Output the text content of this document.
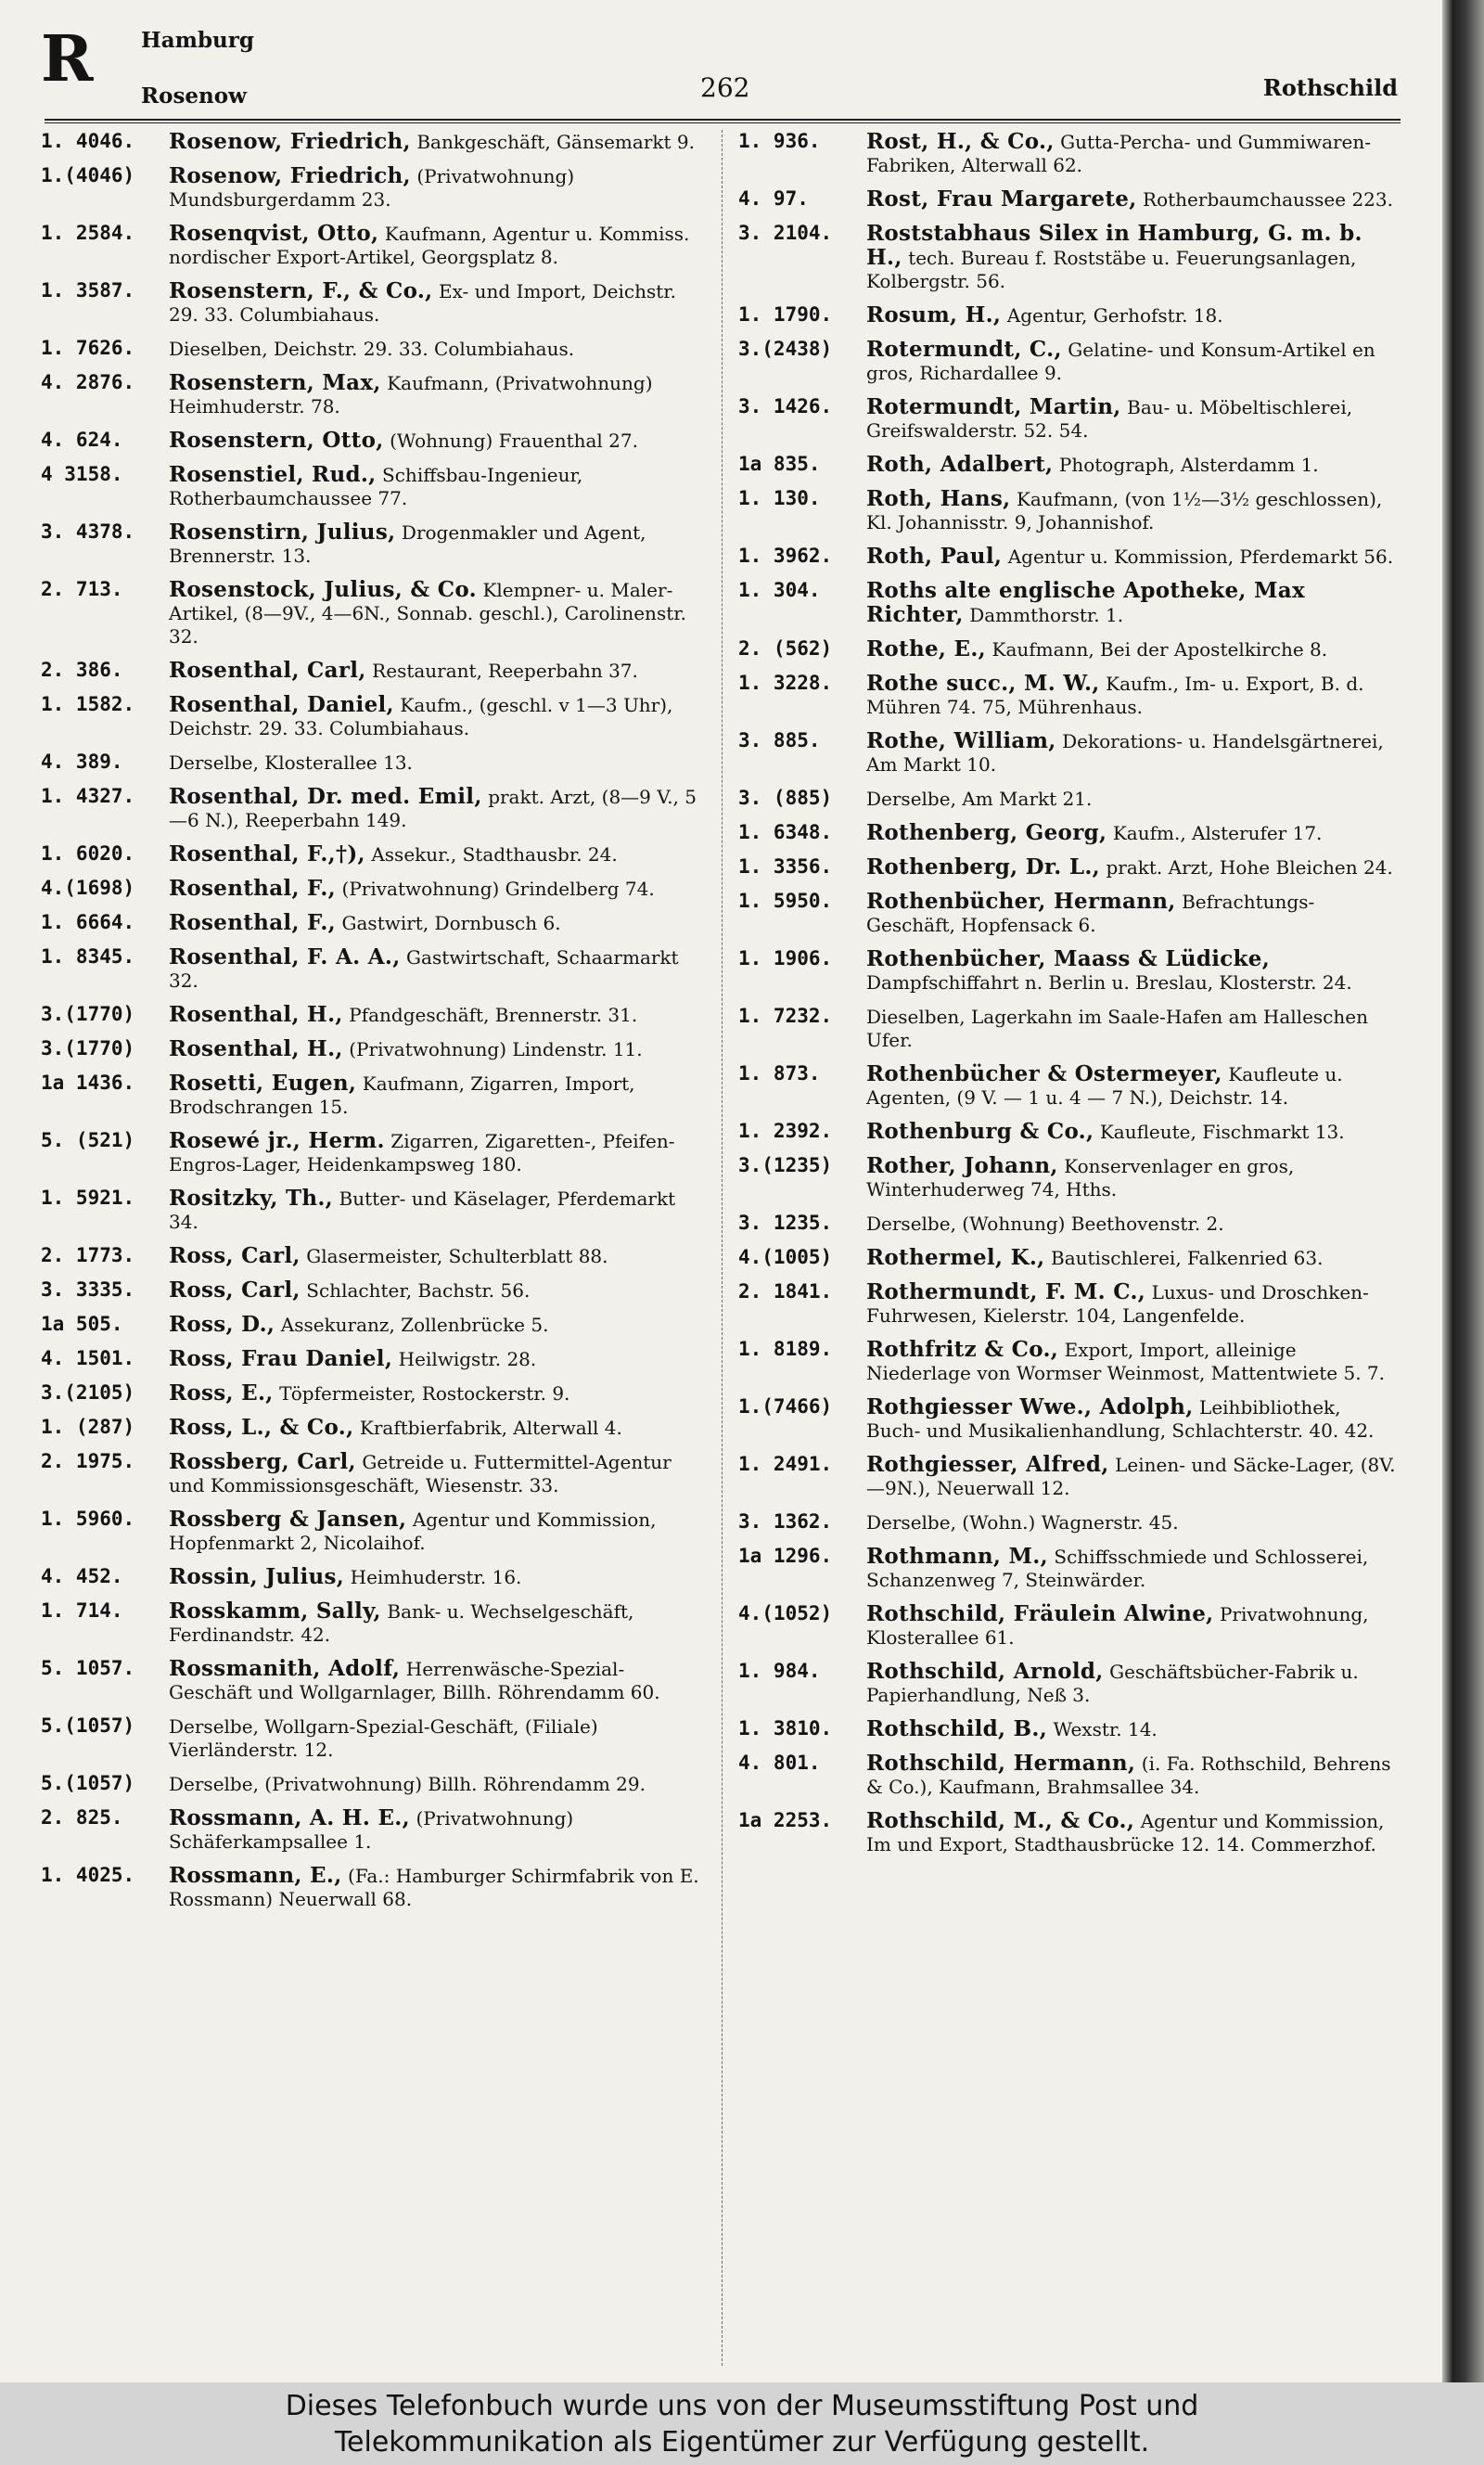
R Hamburg
Rosenow	262	Rothschild
1. 4046.	Rosenow, Friedrich, Bankgeschäft, Gänsemarkt 9.
1.(4046)	Rosenow, Friedrich, (Privatwohnung) Mundsburgerdamm 23.
1. 2584.	Rosenqvist, Otto, Kaufmann, Agentur u. Kommiss. nordischer Export-Artikel, Georgsplatz 8.
1. 3587.	Rosenstern, F., & Co., Ex- und Import, Deichstr. 29. 33. Columbiahaus.
1. 7626.	Dieselben, Deichstr. 29. 33. Columbiahaus.
4. 2876.	Rosenstern, Max, Kaufmann, (Privatwohnung) Heimhuderstr. 78.
4. 624.	Rosenstern, Otto, (Wohnung) Frauenthal 27.
4 3158.	Rosenstiel, Rud., Schiffsbau-Ingenieur, Rotherbaumchaussee 77.
3. 4378.	Rosenstirn, Julius, Drogenmakler und Agent, Brennerstr. 13.
2. 713.	Rosenstock, Julius, & Co. Klempner- u. Maler-Artikel, (8—9V., 4—6N., Sonnab. geschl.), Carolinenstr. 32.
2. 386.	Rosenthal, Carl, Restaurant, Reeperbahn 37.
1. 1582.	Rosenthal, Daniel, Kaufm., (geschl. v 1—3 Uhr), Deichstr. 29. 33. Columbiahaus.
4. 389.	Derselbe, Klosterallee 13.
1. 4327.	Rosenthal, Dr. med. Emil, prakt. Arzt, (8—9 V., 5—6 N.), Reeperbahn 149.
1. 6020.	Rosenthal, F.,†), Assekur., Stadthausbr. 24.
4.(1698)	Rosenthal, F., (Privatwohnung) Grindelberg 74.
1. 6664.	Rosenthal, F., Gastwirt, Dornbusch 6.
1. 8345.	Rosenthal, F. A. A., Gastwirtschaft, Schaarmarkt 32.
3.(1770)	Rosenthal, H., Pfandgeschäft, Brennerstr. 31.
3.(1770)	Rosenthal, H., (Privatwohnung) Lindenstr. 11.
1a 1436.	Rosetti, Eugen, Kaufmann, Zigarren, Import, Brodschrangen 15.
5. (521)	Rosewé jr., Herm. Zigarren, Zigaretten-, Pfeifen-Engros-Lager, Heidenkampsweg 180.
1. 5921.	Rositzky, Th., Butter- und Käselager, Pferdemarkt 34.
2. 1773.	Ross, Carl, Glasermeister, Schulterblatt 88.
3. 3335.	Ross, Carl, Schlachter, Bachstr. 56.
1a 505.	Ross, D., Assekuranz, Zollenbrücke 5.
4. 1501.	Ross, Frau Daniel, Heilwigstr. 28.
3.(2105)	Ross, E., Töpfermeister, Rostockerstr. 9.
1. (287)	Ross, L., & Co., Kraftbierfabrik, Alterwall 4.
2. 1975.	Rossberg, Carl, Getreide u. Futtermittel-Agentur und Kommissionsgeschäft, Wiesenstr. 33.
1. 5960.	Rossberg & Jansen, Agentur und Kommission, Hopfenmarkt 2, Nicolaihof.
4. 452.	Rossin, Julius, Heimhuderstr. 16.
1. 714.	Rosskamm, Sally, Bank- u. Wechselgeschäft, Ferdinandstr. 42.
5. 1057.	Rossmanith, Adolf, Herrenwäsche-Spezial-Geschäft und Wollgarnlager, Billh. Röhrendamm 60.
5.(1057)	Derselbe, Wollgarn-Spezial-Geschäft, (Filiale) Vierländerstr. 12.
5.(1057)	Derselbe, (Privatwohnung) Billh. Röhrendamm 29.
2. 825.	Rossmann, A. H. E., (Privatwohnung) Schäferkampsallee 1.
1. 4025.	Rossmann, E., (Fa.: Hamburger Schirmfabrik von E. Rossmann) Neuerwall 68.
1. 936.	Rost, H., & Co., Gutta-Percha- und Gummiwaren-Fabriken, Alterwall 62.
4. 97.	Rost, Frau Margarete, Rotherbaumchaussee 223.
3. 2104.	Roststabhaus Silex in Hamburg, G. m. b. H., tech. Bureau f. Roststäbe u. Feuerungsanlagen, Kolbergstr. 56.
1. 1790.	Rosum, H., Agentur, Gerhofstr. 18.
3.(2438)	Rotermundt, C., Gelatine- und Konsum-Artikel en gros, Richardallee 9.
3. 1426.	Rotermundt, Martin, Bau- u. Möbeltischlerei, Greifswalderstr. 52. 54.
1a 835.	Roth, Adalbert, Photograph, Alsterdamm 1.
1. 130.	Roth, Hans, Kaufmann, (von 1½—3½ geschlossen), Kl. Johannisstr. 9, Johannishof.
1. 3962.	Roth, Paul, Agentur u. Kommission, Pferdemarkt 56.
1. 304.	Roths alte englische Apotheke, Max Richter, Dammthorstr. 1.
2. (562)	Rothe, E., Kaufmann, Bei der Apostelkirche 8.
1. 3228.	Rothe succ., M. W., Kaufm., Im- u. Export, B. d. Mühren 74. 75, Mührenhaus.
3. 885.	Rothe, William, Dekorations- u. Handelsgärtnerei, Am Markt 10.
3. (885)	Derselbe, Am Markt 21.
1. 6348.	Rothenberg, Georg, Kaufm., Alsterufer 17.
1. 3356.	Rothenberg, Dr. L., prakt. Arzt, Hohe Bleichen 24.
1. 5950.	Rothenbücher, Hermann, Befrachtungs-Geschäft, Hopfensack 6.
1. 1906.	Rothenbücher, Maass & Lüdicke, Dampfschiffahrt n. Berlin u. Breslau, Klosterstr. 24.
1. 7232.	Dieselben, Lagerkahn im Saale-Hafen am Halleschen Ufer.
1. 873.	Rothenbücher & Ostermeyer, Kaufleute u. Agenten, (9 V. — 1 u. 4 — 7 N.), Deichstr. 14.
1. 2392.	Rothenburg & Co., Kaufleute, Fischmarkt 13.
3.(1235)	Rother, Johann, Konservenlager en gros, Winterhuderweg 74, Hths.
3. 1235.	Derselbe, (Wohnung) Beethovenstr. 2.
4.(1005)	Rothermel, K., Bautischlerei, Falkenried 63.
2. 1841.	Rothermundt, F. M. C., Luxus- und Droschken-Fuhrwesen, Kielerstr. 104, Langenfelde.
1. 8189.	Rothfritz & Co., Export, Import, alleinige Niederlage von Wormser Weinmost, Mattentwiete 5. 7.
1.(7466)	Rothgiesser Wwe., Adolph, Leihbibliothek, Buch- und Musikalienhandlung, Schlachterstr. 40. 42.
1. 2491.	Rothgiesser, Alfred, Leinen- und Säcke-Lager, (8V.—9N.), Neuerwall 12.
3. 1362.	Derselbe, (Wohn.) Wagnerstr. 45.
1a 1296.	Rothmann, M., Schiffsschmiede und Schlosserei, Schanzenweg 7, Steinwärder.
4.(1052)	Rothschild, Fräulein Alwine, Privatwohnung, Klosterallee 61.
1. 984.	Rothschild, Arnold, Geschäftsbücher-Fabrik u. Papierhandlung, Neß 3.
1. 3810.	Rothschild, B., Wexstr. 14.
4. 801.	Rothschild, Hermann, (i. Fa. Rothschild, Behrens & Co.), Kaufmann, Brahmsallee 34.
1a 2253.	Rothschild, M., & Co., Agentur und Kommission, Im und Export, Stadthausbrücke 12. 14. Commerzhof.
Dieses Telefonbuch wurde uns von der Museumsstiftung Post und
Telekommunikation als Eigentümer zur Verfügung gestellt.
